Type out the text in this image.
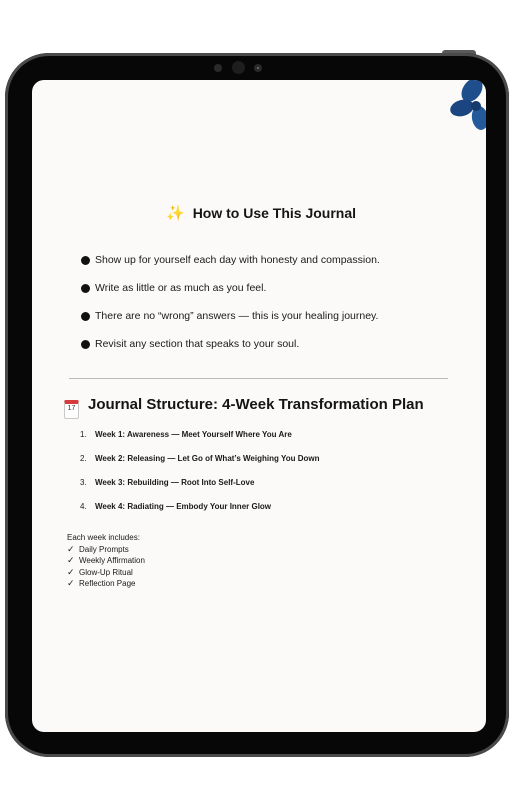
✨ How to Use This Journal
Show up for yourself each day with honesty and compassion.
Write as little or as much as you feel.
There are no “wrong” answers — this is your healing journey.
Revisit any section that speaks to your soul.
17 Journal Structure: 4-Week Transformation Plan
1.	Week 1: Awareness — Meet Yourself Where You Are
2.	Week 2: Releasing — Let Go of What’s Weighing You Down
3.	Week 3: Rebuilding — Root Into Self-Love
4.	Week 4: Radiating — Embody Your Inner Glow
Each week includes:
✓ Daily Prompts
✓ Weekly Affirmation
✓ Glow-Up Ritual
✓ Reflection Page
